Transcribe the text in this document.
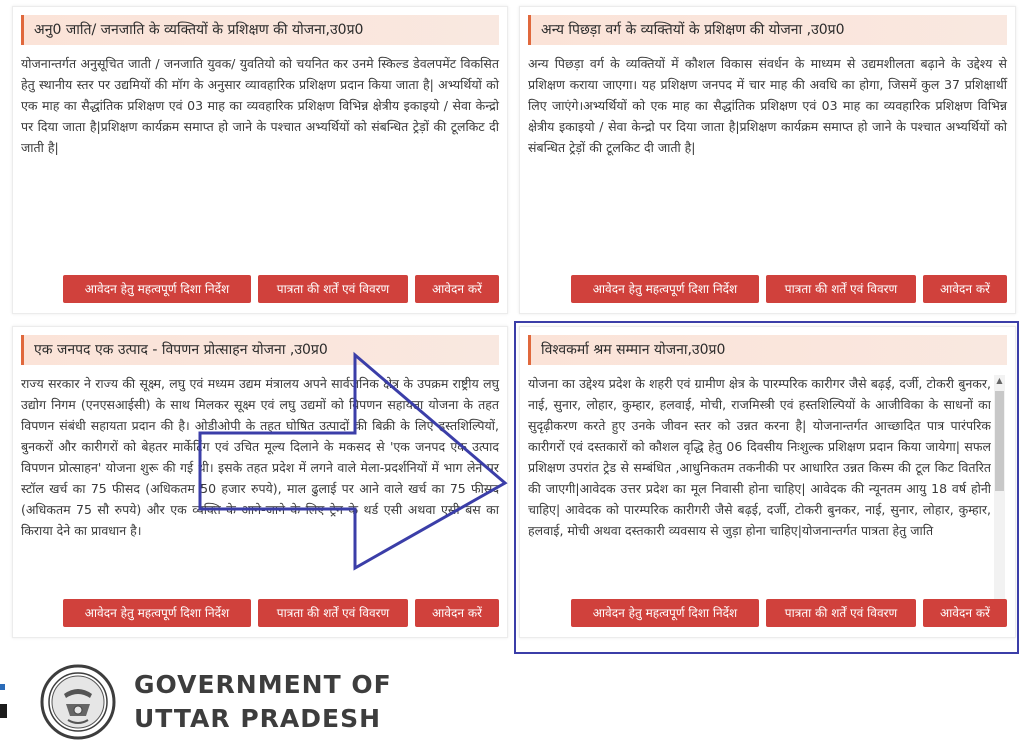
अनु0 जाति/ जनजाति के व्यक्तियों के प्रशिक्षण की योजना,उ0प्र0
योजनान्तर्गत अनुसूचित जाती / जनजाति युवक/ युवतियो को चयनित कर उनमे स्किल्ड डेवलपमेंट विकसित हेतु स्थानीय स्तर पर उद्यमियों की मॉग के अनुसार व्यावहारिक प्रशिक्षण प्रदान किया जाता है| अभ्यर्थियों को एक माह का सैद्धांतिक प्रशिक्षण एवं 03 माह का व्यवहारिक प्रशिक्षण विभिन्न क्षेत्रीय इकाइयो / सेवा केन्द्रो पर दिया जाता है|प्रशिक्षण कार्यक्रम समाप्त हो जाने के पश्चात अभ्यर्थियों को संबन्धित ट्रेड़ों की टूलकिट दी जाती है|
आवेदन हेतु महत्वपूर्ण दिशा निर्देश	पात्रता की शर्तें एवं विवरण	आवेदन करें
अन्य पिछड़ा वर्ग के व्यक्तियों के प्रशिक्षण की योजना ,उ0प्र0
अन्य पिछड़ा वर्ग के व्यक्तियों में कौशल विकास संवर्धन के माध्यम से उद्यमशीलता बढ़ाने के उद्देश्य से प्रशिक्षण कराया जाएगा। यह प्रशिक्षण जनपद में चार माह की अवधि का होगा, जिसमें कुल 37 प्रशिक्षार्थी लिए जाएंगे।अभ्यर्थियों को एक माह का सैद्धांतिक प्रशिक्षण एवं 03 माह का व्यवहारिक प्रशिक्षण विभिन्न क्षेत्रीय इकाइयो / सेवा केन्द्रो पर दिया जाता है|प्रशिक्षण कार्यक्रम समाप्त हो जाने के पश्चात अभ्यर्थियों को संबन्धित ट्रेड़ों की टूलकिट दी जाती है|
आवेदन हेतु महत्वपूर्ण दिशा निर्देश	पात्रता की शर्तें एवं विवरण	आवेदन करें
एक जनपद एक उत्पाद - विपणन प्रोत्साहन योजना ,उ0प्र0
राज्य सरकार ने राज्य की सूक्ष्म, लघु एवं मध्यम उद्यम मंत्रालय अपने सार्वजनिक क्षेत्र के उपक्रम राष्ट्रीय लघु उद्योग निगम (एनएसआईसी) के साथ मिलकर सूक्ष्म एवं लघु उद्यमों को विपणन सहायता योजना के तहत विपणन संबंधी सहायता प्रदान की है। ओडीओपी के तहत घोषित उत्पादों की बिक्री के लिए हस्तशिल्पियों, बुनकरों और कारीगरों को बेहतर मार्केटिंग एवं उचित मूल्य दिलाने के मकसद से 'एक जनपद एक उत्पाद विपणन प्रोत्साहन' योजना शुरू की गई थी। इसके तहत प्रदेश में लगने वाले मेला-प्रदर्शनियों में भाग लेने पर स्टॉल खर्च का 75 फीसद (अधिकतम 50 हजार रुपये), माल ढुलाई पर आने वाले खर्च का 75 फीसद (अधिकतम 75 सौ रुपये) और एक व्यक्ति के आने-जाने के लिए ट्रेन के थर्ड एसी अथवा एसी बस का किराया देने का प्रावधान है।
आवेदन हेतु महत्वपूर्ण दिशा निर्देश	पात्रता की शर्तें एवं विवरण	आवेदन करें
विश्वकर्मा श्रम सम्मान योजना,उ0प्र0
योजना का उद्देश्य प्रदेश के शहरी एवं ग्रामीण क्षेत्र के पारम्परिक कारीगर जैसे बढ़ई, दर्जी, टोकरी बुनकर, नाई, सुनार, लोहार, कुम्हार, हलवाई, मोची, राजमिस्त्री एवं हस्तशिल्पियों के आजीविका के साधनों का सुदृढ़ीकरण करते हुए उनके जीवन स्तर को उन्नत करना है| योजनान्तर्गत आच्छादित पात्र पारंपरिक कारीगरों एवं दस्तकारों को कौशल वृद्धि हेतु 06 दिवसीय निःशुल्क प्रशिक्षण प्रदान किया जायेगा| सफल प्रशिक्षण उपरांत ट्रेड से सम्बंधित ,आधुनिकतम तकनीकी पर आधारित उन्नत किस्म की टूल किट वितरित की जाएगी|आवेदक उत्तर प्रदेश का मूल निवासी होना चाहिए| आवेदक की न्यूनतम आयु 18 वर्ष होनी चाहिए| आवेदक को पारम्परिक कारीगरी जैसे बढ़ई, दर्जी, टोकरी बुनकर, नाई, सुनार, लोहार, कुम्हार, हलवाई, मोची अथवा दस्तकारी व्यवसाय से जुड़ा होना चाहिए|योजनान्तर्गत पात्रता हेतु जाति
▲
आवेदन हेतु महत्वपूर्ण दिशा निर्देश	पात्रता की शर्तें एवं विवरण	आवेदन करें
GOVERNMENT OF
UTTAR PRADESH
